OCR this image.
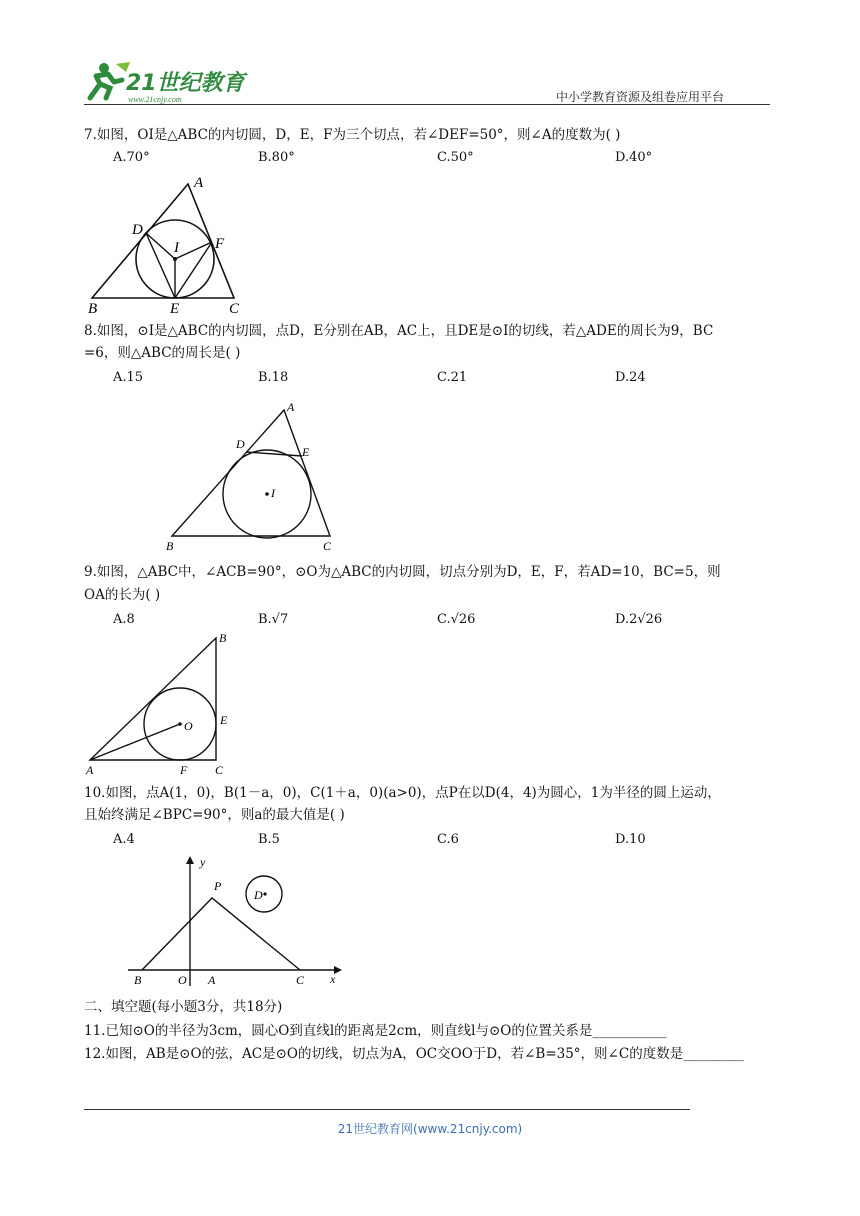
21世纪教育
www.21cnjy.com	中小学教育资源及组卷应用平台
7.如图，OI是△ABC的内切圆，D，E，F为三个切点，若∠DEF=50°，则∠A的度数为( )
A.70°	B.80°	C.50°	D.40°
A
D
I F
B	E	C
8.如图，⊙I是△ABC的内切圆，点D，E分别在AB，AC上，且DE是⊙I的切线，若△ADE的周长为9，BC
=6，则△ABC的周长是( )
A.15	B.18	C.21	D.24
A
D
E
I
B	C
9.如图，△ABC中，∠ACB=90°，⊙O为△ABC的内切圆，切点分别为D，E，F，若AD=10，BC=5，则
OA的长为( )
A.8	B.√7	C.√26	D.2√26
B
O E
A	F C
10.如图，点A(1，0)，B(1－a，0)，C(1＋a，0)(a>0)，点P在以D(4，4)为圆心，1为半径的圆上运动，
且始终满足∠BPC=90°，则a的最大值是( )
A.4	B.5	C.6	D.10
y
P
D
B	O A	C x
二、填空题(每小题3分，共18分)
11.已知⊙O的半径为3cm，圆心O到直线l的距离是2cm，则直线l与⊙O的位置关系是___________
12.如图，AB是⊙O的弦，AC是⊙O的切线，切点为A，OC交OO于D，若∠B=35°，则∠C的度数是_________
21世纪教育网(www.21cnjy.com)
